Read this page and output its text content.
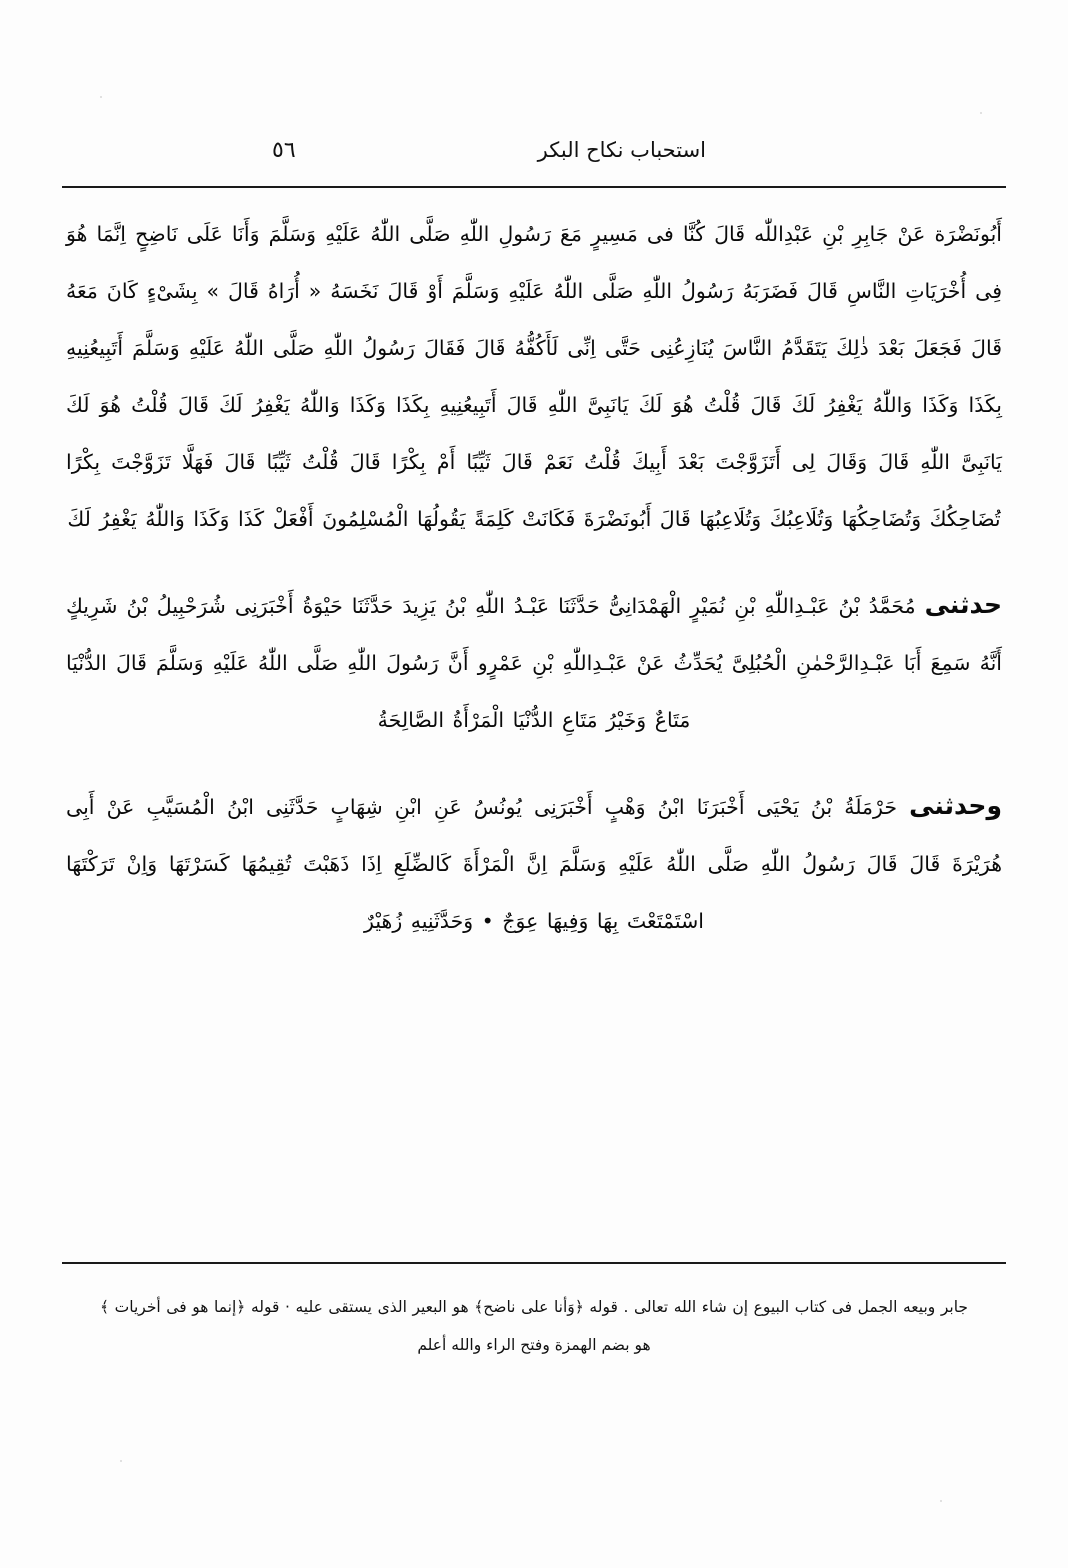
استحباب نكاح البكر
٥٦

أَبُونَضْرَة عَنْ جَابِرِ بْنِ عَبْدِاللّٰه قَالَ كُنَّا فى مَسِيرٍ مَعَ رَسُولِ اللّٰهِ صَلَّى اللّٰهُ عَلَيْهِ وَسَلَّمَ وَأَنَا عَلَى نَاضِحٍ اِنَّمَا هُوَ فِى أُخْرَيَاتِ النَّاسِ قَالَ فَضَرَبَهُ رَسُولُ اللّٰهِ صَلَّى اللّٰهُ عَلَيْهِ وَسَلَّمَ أَوْ قَالَ نَخَسَهُ « أُرَاهُ قَالَ » بِشَىْءٍ كَانَ مَعَهُ قَالَ فَجَعَلَ بَعْدَ ذٰلِكَ يَتَقَدَّمُ النَّاسَ يُنَازِعُنِى حَتَّى اِنِّى لَأَكُفُّهُ قَالَ فَقَالَ رَسُولُ اللّٰهِ صَلَّى اللّٰهُ عَلَيْهِ وَسَلَّمَ أَتَبِيعُنِيهِ بِكَذَا وَكَذَا وَاللّٰهُ يَغْفِرُ لَكَ قَالَ قُلْتُ هُوَ لَكَ يَانَبِىَّ اللّٰهِ قَالَ أَتَبِيعُنِيهِ بِكَذَا وَكَذَا وَاللّٰهُ يَغْفِرُ لَكَ قَالَ قُلْتُ هُوَ لَكَ يَانَبِىَّ اللّٰهِ قَالَ وَقَالَ لِى أَتَزَوَّجْتَ بَعْدَ أَبِيكَ قُلْتُ نَعَمْ قَالَ ثَيِّبًا أَمْ بِكْرًا قَالَ قُلْتُ ثَيِّبًا قَالَ فَهَلَّا تَزَوَّجْتَ بِكْرًا تُضَاحِكُكَ وَتُضَاحِكُهَا وَتُلَاعِبُكَ وَتُلَاعِبُهَا قَالَ أَبُونَضْرَةَ فَكَانَتْ كَلِمَةً يَقُولُهَا الْمُسْلِمُونَ أَفْعَلْ كَذَا وَكَذَا وَاللّٰهُ يَغْفِرُ لَكَ

حدثنى مُحَمَّدُ بْنُ عَبْـدِاللّٰهِ بْنِ نُمَيْرٍ الْهَمْدَانِىُّ حَدَّثَنَا عَبْـدُ اللّٰهِ بْنُ يَزِيدَ حَدَّثَنَا حَيْوَةُ أَخْبَرَنِى شُرَحْبِيلُ بْنُ شَرِيكٍ أَنَّهُ سَمِعَ أَبَا عَبْـدِالرَّحْمٰنِ الْحُبُلِىَّ يُحَدِّثُ عَنْ عَبْـدِاللّٰهِ بْنِ عَمْرٍو أَنَّ رَسُولَ اللّٰهِ صَلَّى اللّٰهُ عَلَيْهِ وَسَلَّمَ قَالَ الدُّنْيَا مَتَاعٌ وَخَيْرُ مَتَاعِ الدُّنْيَا الْمَرْأَةُ الصَّالِحَةُ

وحدثنى حَرْمَلَةُ بْنُ يَحْيَى أَخْبَرَنَا ابْنُ وَهْبٍ أَخْبَرَنِى يُونُسُ عَنِ ابْنِ شِهَابٍ حَدَّثَنِى ابْنُ الْمُسَيَّبِ عَنْ أَبِى هُرَيْرَةَ قَالَ قَالَ رَسُولُ اللّٰهِ صَلَّى اللّٰهُ عَلَيْهِ وَسَلَّمَ اِنَّ الْمَرْأَةَ كَالضِّلَعِ اِذَا ذَهَبْتَ تُقِيمُهَا كَسَرْتَهَا وَاِنْ تَرَكْتَهَا اسْتَمْتَعْتَ بِهَا وَفِيهَا عِوَجٌ • وَحَدَّثَنِيهِ زُهَيْرٌ

جابر وبيعه الجمل فى كتاب البيوع إن شاء الله تعالى . قوله ﴿وَأنا على ناضح﴾ هو البعير الذى يستقى عليه · قوله ﴿إنما هو فى أخريات ﴾ هو بضم الهمزة وفتح الراء والله أعلم
